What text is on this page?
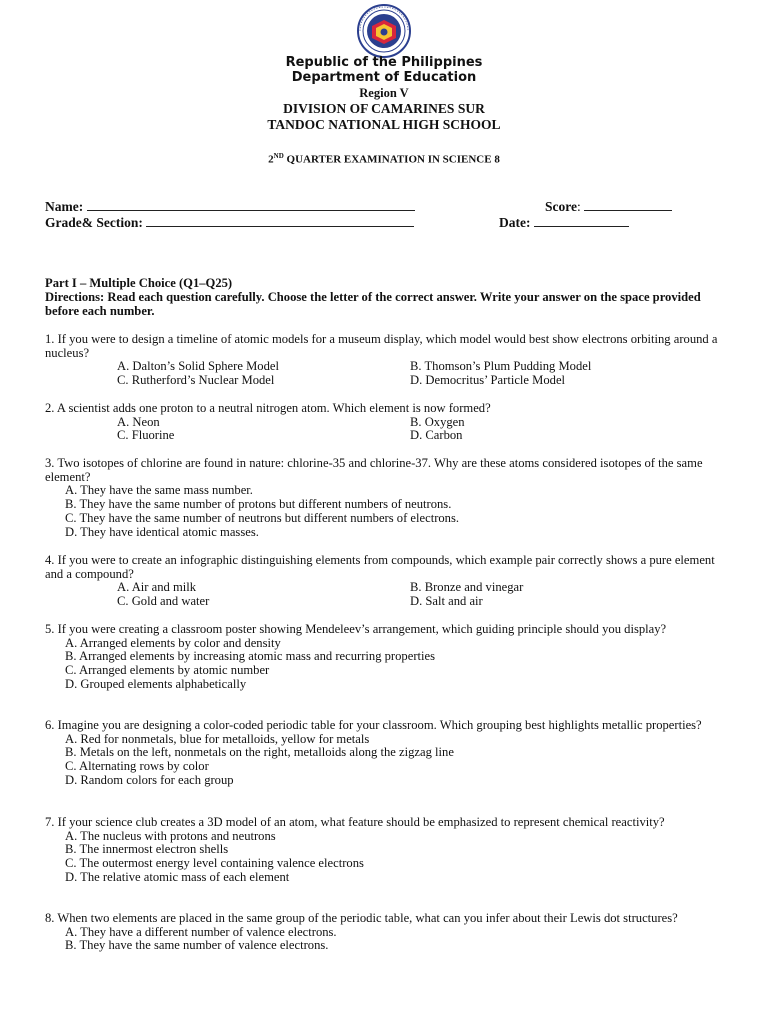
Republic of the Philippines
Department of Education
Region V
DIVISION OF CAMARINES SUR
TANDOC NATIONAL HIGH SCHOOL
2ND QUARTER EXAMINATION IN SCIENCE 8
Name:	Score:
Grade& Section:	Date:
Part I – Multiple Choice (Q1–Q25)
Directions: Read each question carefully. Choose the letter of the correct answer. Write your answer on the space provided before each number.
1. If you were to design a timeline of atomic models for a museum display, which model would best show electrons orbiting around a nucleus?
A. Dalton’s Solid Sphere Model	B. Thomson’s Plum Pudding Model
C. Rutherford’s Nuclear Model	D. Democritus’ Particle Model
2. A scientist adds one proton to a neutral nitrogen atom. Which element is now formed?
A. Neon	B. Oxygen
C. Fluorine	D. Carbon
3. Two isotopes of chlorine are found in nature: chlorine-35 and chlorine-37. Why are these atoms considered isotopes of the same element?
A. They have the same mass number.
B. They have the same number of protons but different numbers of neutrons.
C. They have the same number of neutrons but different numbers of electrons.
D. They have identical atomic masses.
4. If you were to create an infographic distinguishing elements from compounds, which example pair correctly shows a pure element and a compound?
A. Air and milk	B. Bronze and vinegar
C. Gold and water	D. Salt and air
5. If you were creating a classroom poster showing Mendeleev’s arrangement, which guiding principle should you display?
A. Arranged elements by color and density
B. Arranged elements by increasing atomic mass and recurring properties
C. Arranged elements by atomic number
D. Grouped elements alphabetically
6. Imagine you are designing a color-coded periodic table for your classroom. Which grouping best highlights metallic properties?
A. Red for nonmetals, blue for metalloids, yellow for metals
B. Metals on the left, nonmetals on the right, metalloids along the zigzag line
C. Alternating rows by color
D. Random colors for each group
7. If your science club creates a 3D model of an atom, what feature should be emphasized to represent chemical reactivity?
A. The nucleus with protons and neutrons
B. The innermost electron shells
C. The outermost energy level containing valence electrons
D. The relative atomic mass of each element
8. When two elements are placed in the same group of the periodic table, what can you infer about their Lewis dot structures?
A. They have a different number of valence electrons.
B. They have the same number of valence electrons.
